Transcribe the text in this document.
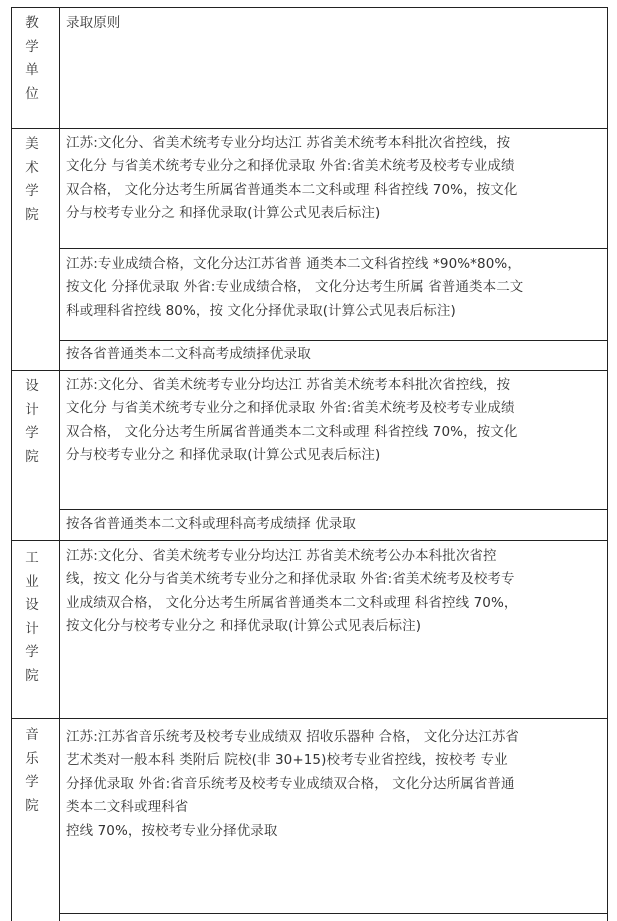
教
学
单
位
录取原则
美
术
学
院
江苏:文化分、省美术统考专业分均达江 苏省美术统考本科批次省控线，按
文化分 与省美术统考专业分之和择优录取 外省:省美术统考及校考专业成绩
双合格， 文化分达考生所属省普通类本二文科或理 科省控线 70%，按文化
分与校考专业分之 和择优录取(计算公式见表后标注)
江苏:专业成绩合格，文化分达江苏省普 通类本二文科省控线 *90%*80%，
按文化 分择优录取 外省:专业成绩合格， 文化分达考生所属 省普通类本二文
科或理科省控线 80%，按 文化分择优录取(计算公式见表后标注)
按各省普通类本二文科高考成绩择优录取
设
计
学
院
江苏:文化分、省美术统考专业分均达江 苏省美术统考本科批次省控线，按
文化分 与省美术统考专业分之和择优录取 外省:省美术统考及校考专业成绩
双合格， 文化分达考生所属省普通类本二文科或理 科省控线 70%，按文化
分与校考专业分之 和择优录取(计算公式见表后标注)
按各省普通类本二文科或理科高考成绩择 优录取
工
业
设
计
学
院
江苏:文化分、省美术统考专业分均达江 苏省美术统考公办本科批次省控
线，按文 化分与省美术统考专业分之和择优录取 外省:省美术统考及校考专
业成绩双合格， 文化分达考生所属省普通类本二文科或理 科省控线 70%，
按文化分与校考专业分之 和择优录取(计算公式见表后标注)
音
乐
学
院
江苏:江苏省音乐统考及校考专业成绩双 招收乐器种 合格， 文化分达江苏省
艺术类对一般本科 类附后 院校(非 30+15)校考专业省控线，按校考 专业
分择优录取 外省:省音乐统考及校考专业成绩双合格， 文化分达所属省普通
类本二文科或理科省
控线 70%，按校考专业分择优录取
